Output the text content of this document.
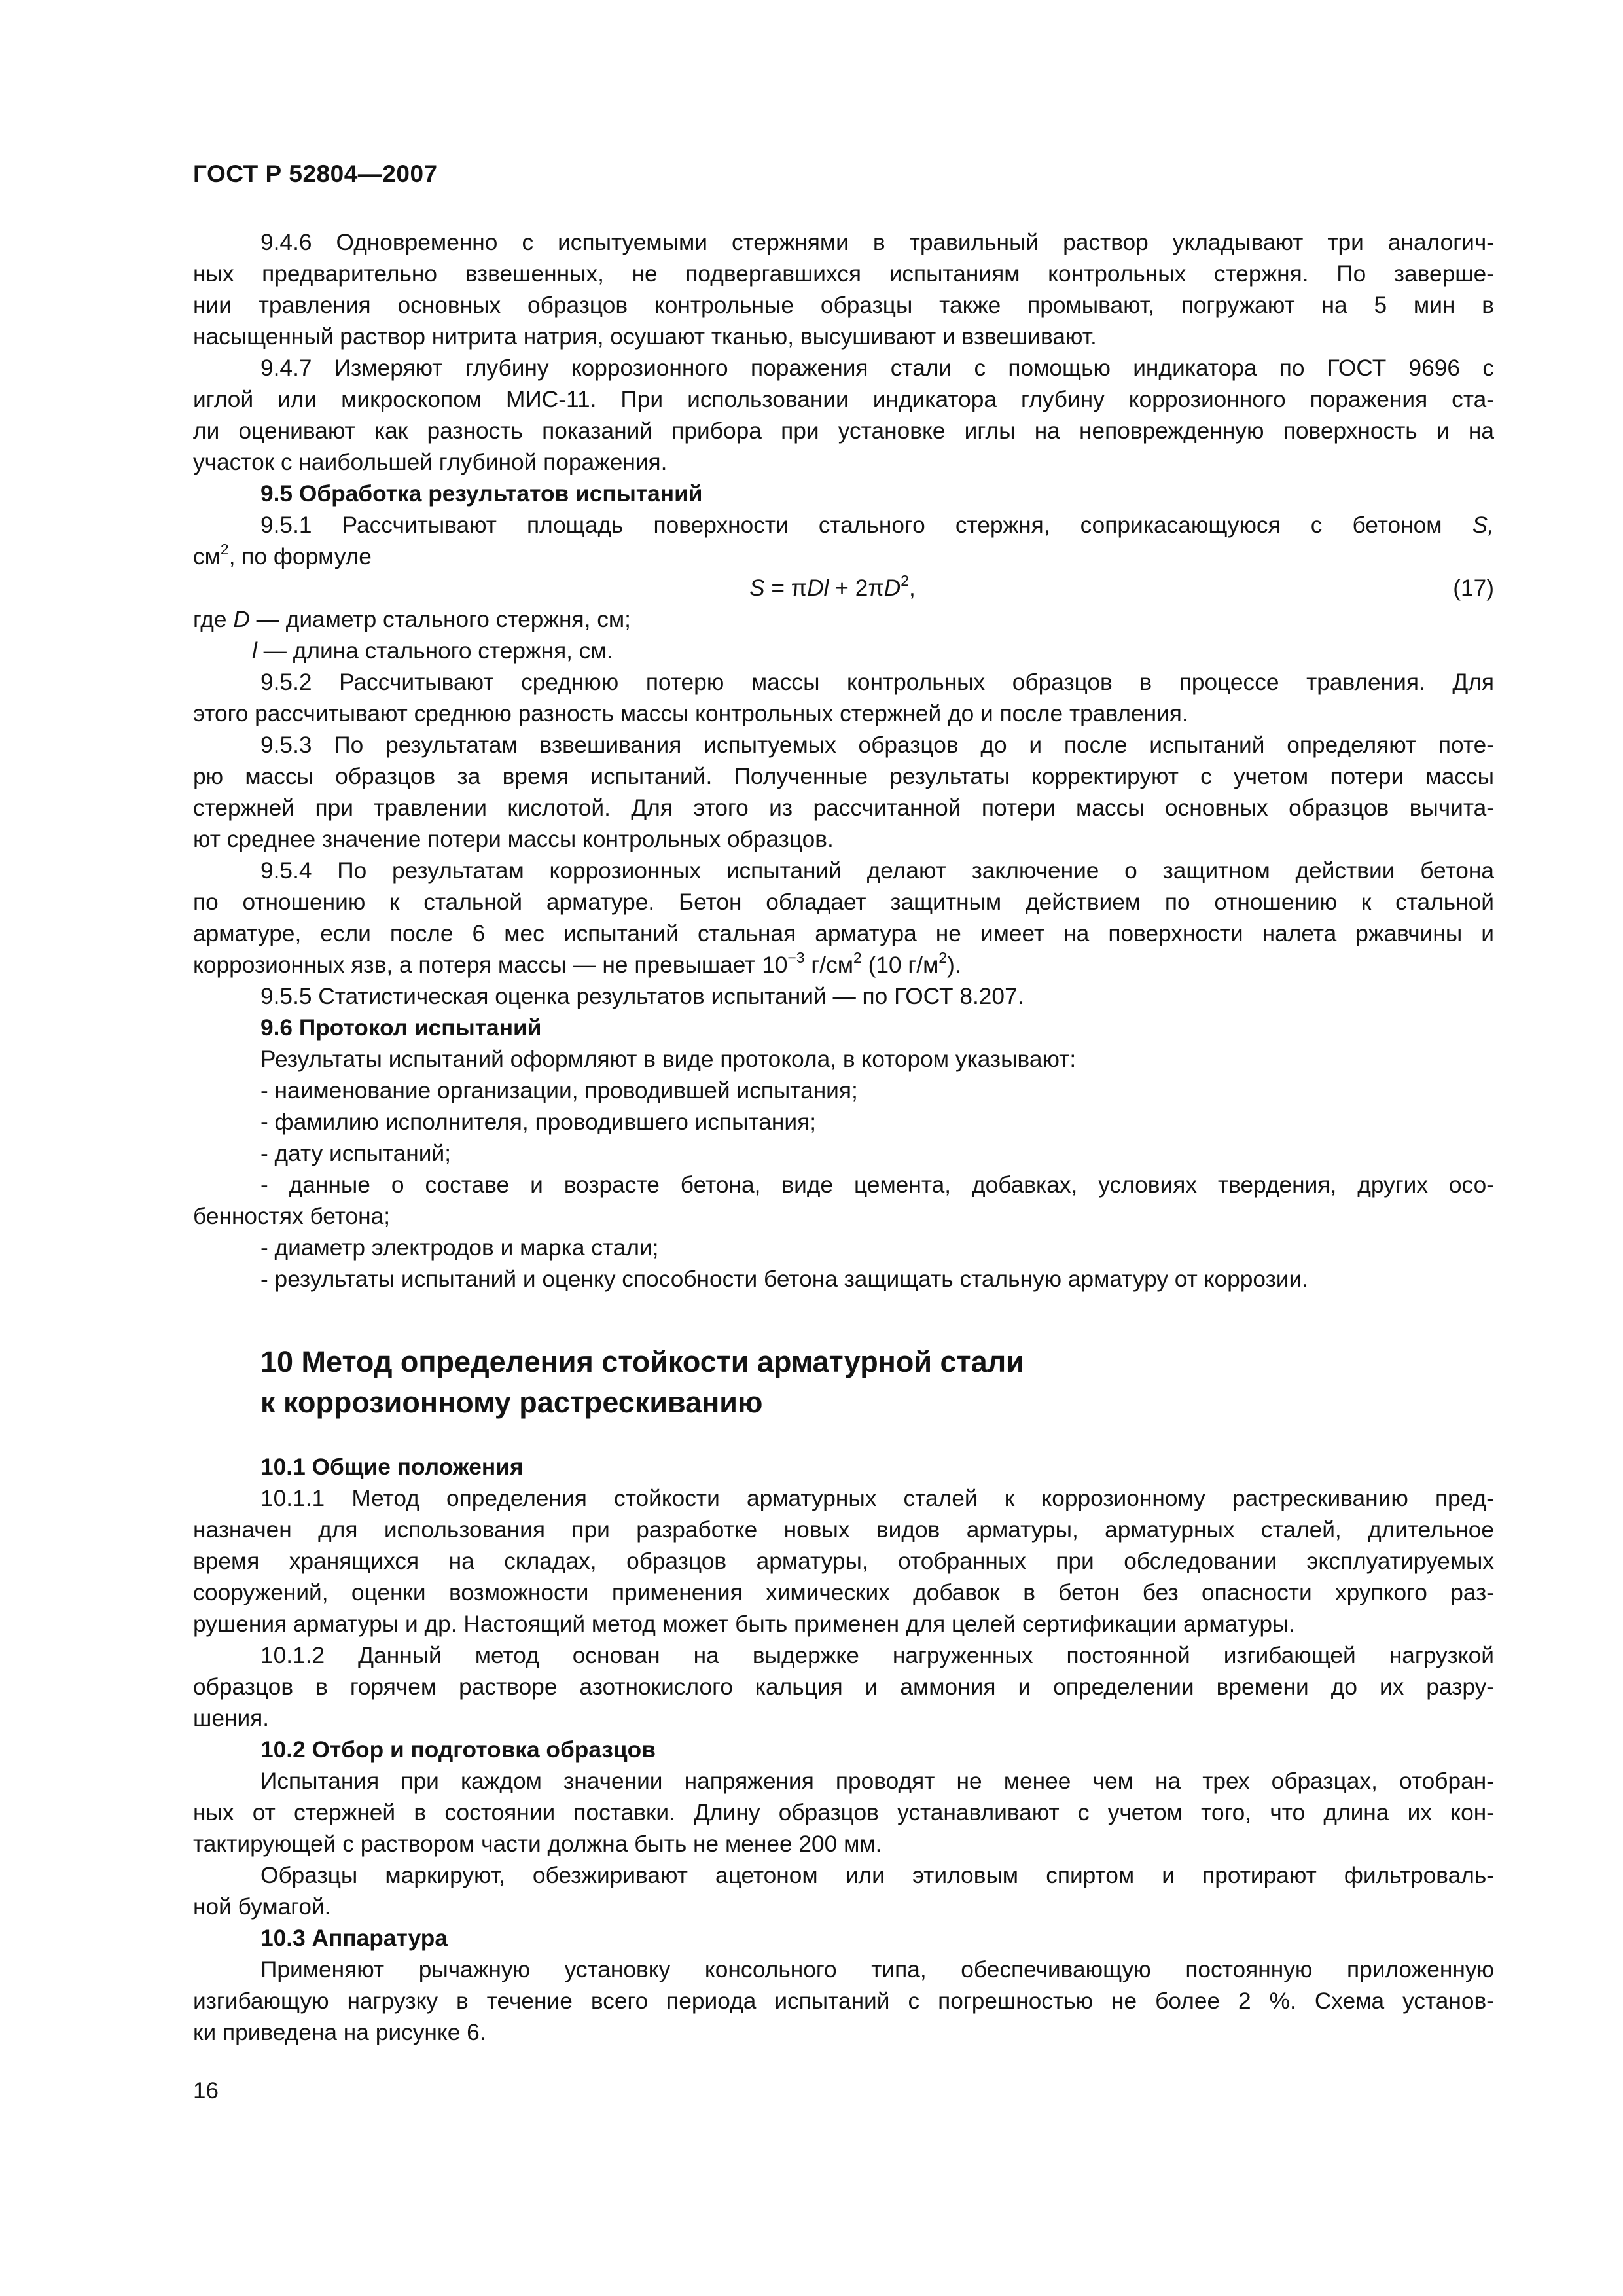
ГОСТ Р 52804—2007

9.4.6 Одновременно с испытуемыми стержнями в травильный раствор укладывают три аналогич-

ных предварительно взвешенных, не подвергавшихся испытаниям контрольных стержня. По заверше-

нии травления основных образцов контрольные образцы также промывают, погружают на 5 мин в

насыщенный раствор нитрита натрия, осушают тканью, высушивают и взвешивают.

9.4.7 Измеряют глубину коррозионного поражения стали с помощью индикатора по ГОСТ 9696 с

иглой или микроскопом МИС-11. При использовании индикатора глубину коррозионного поражения ста-

ли оценивают как разность показаний прибора при установке иглы на неповрежденную поверхность и на

участок с наибольшей глубиной поражения.

9.5 Обработка результатов испытаний

9.5.1 Рассчитывают площадь поверхности стального стержня, соприкасающуюся с бетоном S,

$см^2$, по формуле

$S = \pi Dl + 2\pi D^2$,	(17)

где D — диаметр стального стержня, см;

l — длина стального стержня, см.

9.5.2 Рассчитывают среднюю потерю массы контрольных образцов в процессе травления. Для

этого рассчитывают среднюю разность массы контрольных стержней до и после травления.

9.5.3 По результатам взвешивания испытуемых образцов до и после испытаний определяют поте-

рю массы образцов за время испытаний. Полученные результаты корректируют с учетом потери массы

стержней при травлении кислотой. Для этого из рассчитанной потери массы основных образцов вычита-

ют среднее значение потери массы контрольных образцов.

9.5.4 По результатам коррозионных испытаний делают заключение о защитном действии бетона

по отношению к стальной арматуре. Бетон обладает защитным действием по отношению к стальной

арматуре, если после 6 мес испытаний стальная арматура не имеет на поверхности налета ржавчины и

коррозионных язв, а потеря массы — не превышает $10^{-3}$ $г/см^2$ (10 $г/м^2$).

9.5.5 Статистическая оценка результатов испытаний — по ГОСТ 8.207.

9.6 Протокол испытаний

Результаты испытаний оформляют в виде протокола, в котором указывают:

- наименование организации, проводившей испытания;

- фамилию исполнителя, проводившего испытания;

- дату испытаний;

- данные о составе и возрасте бетона, виде цемента, добавках, условиях твердения, других осо-

бенностях бетона;

- диаметр электродов и марка стали;

- результаты испытаний и оценку способности бетона защищать стальную арматуру от коррозии.

10 Метод определения стойкости арматурной стали
к коррозионному растрескиванию

10.1 Общие положения

10.1.1 Метод определения стойкости арматурных сталей к коррозионному растрескиванию пред-

назначен для использования при разработке новых видов арматуры, арматурных сталей, длительное

время хранящихся на складах, образцов арматуры, отобранных при обследовании эксплуатируемых

сооружений, оценки возможности применения химических добавок в бетон без опасности хрупкого раз-

рушения арматуры и др. Настоящий метод может быть применен для целей сертификации арматуры.

10.1.2 Данный метод основан на выдержке нагруженных постоянной изгибающей нагрузкой

образцов в горячем растворе азотнокислого кальция и аммония и определении времени до их разру-

шения.

10.2 Отбор и подготовка образцов

Испытания при каждом значении напряжения проводят не менее чем на трех образцах, отобран-

ных от стержней в состоянии поставки. Длину образцов устанавливают с учетом того, что длина их кон-

тактирующей с раствором части должна быть не менее 200 мм.

Образцы маркируют, обезжиривают ацетоном или этиловым спиртом и протирают фильтроваль-

ной бумагой.

10.3 Аппаратура

Применяют рычажную установку консольного типа, обеспечивающую постоянную приложенную

изгибающую нагрузку в течение всего периода испытаний с погрешностью не более 2 %. Схема установ-

ки приведена на рисунке 6.

16
